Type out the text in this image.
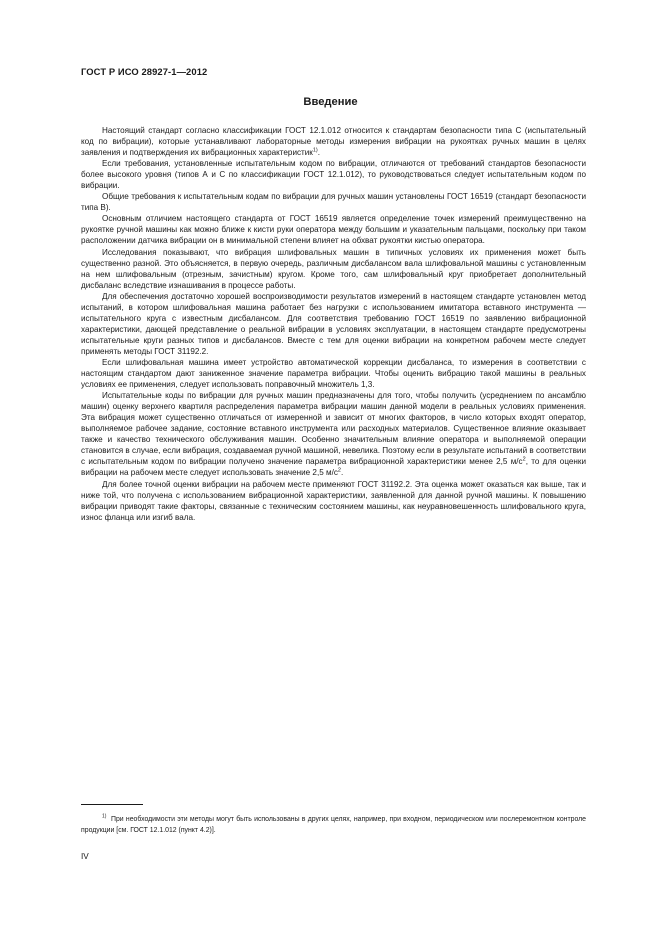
ГОСТ Р ИСО 28927-1—2012
Введение

Настоящий стандарт согласно классификации ГОСТ 12.1.012 относится к стандартам безопасности типа С (испытательный код по вибрации), которые устанавливают лабораторные методы измерения вибрации на рукоятках ручных машин в целях заявления и подтверждения их вибрационных характеристик$^{1)}$.

Если требования, установленные испытательным кодом по вибрации, отличаются от требований стандартов безопасности более высокого уровня (типов А и С по классификации ГОСТ 12.1.012), то руководствоваться следует испытательным кодом по вибрации.

Общие требования к испытательным кодам по вибрации для ручных машин установлены ГОСТ 16519 (стандарт безопасности типа В).

Основным отличием настоящего стандарта от ГОСТ 16519 является определение точек измерений преимущественно на рукоятке ручной машины как можно ближе к кисти руки оператора между большим и указательным пальцами, поскольку при таком расположении датчика вибрации он в минимальной степени влияет на обхват рукоятки кистью оператора.

Исследования показывают, что вибрация шлифовальных машин в типичных условиях их применения может быть существенно разной. Это объясняется, в первую очередь, различным дисбалансом вала шлифовальной машины с установленным на нем шлифовальным (отрезным, зачистным) кругом. Кроме того, сам шлифовальный круг приобретает дополнительный дисбаланс вследствие изнашивания в процессе работы.

Для обеспечения достаточно хорошей воспроизводимости результатов измерений в настоящем стандарте установлен метод испытаний, в котором шлифовальная машина работает без нагрузки с использованием имитатора вставного инструмента — испытательного круга с известным дисбалансом. Для соответствия требованию ГОСТ 16519 по заявлению вибрационной характеристики, дающей представление о реальной вибрации в условиях эксплуатации, в настоящем стандарте предусмотрены испытательные круги разных типов и дисбалансов. Вместе с тем для оценки вибрации на конкретном рабочем месте следует применять методы ГОСТ 31192.2.

Если шлифовальная машина имеет устройство автоматической коррекции дисбаланса, то измерения в соответствии с настоящим стандартом дают заниженное значение параметра вибрации. Чтобы оценить вибрацию такой машины в реальных условиях ее применения, следует использовать поправочный множитель 1,3.

Испытательные коды по вибрации для ручных машин предназначены для того, чтобы получить (усреднением по ансамблю машин) оценку верхнего квартиля распределения параметра вибрации машин данной модели в реальных условиях применения. Эта вибрация может существенно отличаться от измеренной и зависит от многих факторов, в число которых входят оператор, выполняемое рабочее задание, состояние вставного инструмента или расходных материалов. Существенное влияние оказывает также и качество технического обслуживания машин. Особенно значительным влияние оператора и выполняемой операции становится в случае, если вибрация, создаваемая ручной машиной, невелика. Поэтому если в результате испытаний в соответствии с испытательным кодом по вибрации получено значение параметра вибрационной характеристики менее 2,5 $м/с^2$, то для оценки вибрации на рабочем месте следует использовать значение 2,5 $м/с^2$.

Для более точной оценки вибрации на рабочем месте применяют ГОСТ 31192.2. Эта оценка может оказаться как выше, так и ниже той, что получена с использованием вибрационной характеристики, заявленной для данной ручной машины. К повышению вибрации приводят такие факторы, связанные с техническим состоянием машины, как неуравновешенность шлифовального круга, износ фланца или изгиб вала.

$^{1)}$ При необходимости эти методы могут быть использованы в других целях, например, при входном, периодическом или послеремонтном контроле продукции [см. ГОСТ 12.1.012 (пункт 4.2)].

IV
